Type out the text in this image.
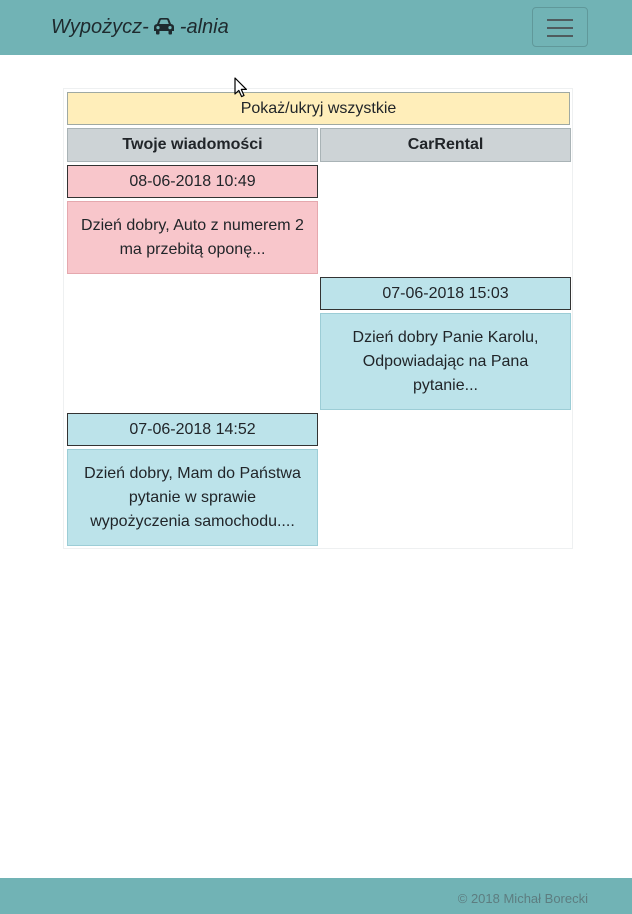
Wypożycz- -alnia
Pokaż/ukryj wszystkie
Twoje wiadomości	CarRental
08-06-2018 10:49
Dzień dobry, Auto z numerem 2 ma przebitą oponę...
07-06-2018 15:03
Dzień dobry Panie Karolu, Odpowiadając na Pana pytanie...
07-06-2018 14:52
Dzień dobry, Mam do Państwa pytanie w sprawie wypożyczenia samochodu....
© 2018 Michał Borecki
